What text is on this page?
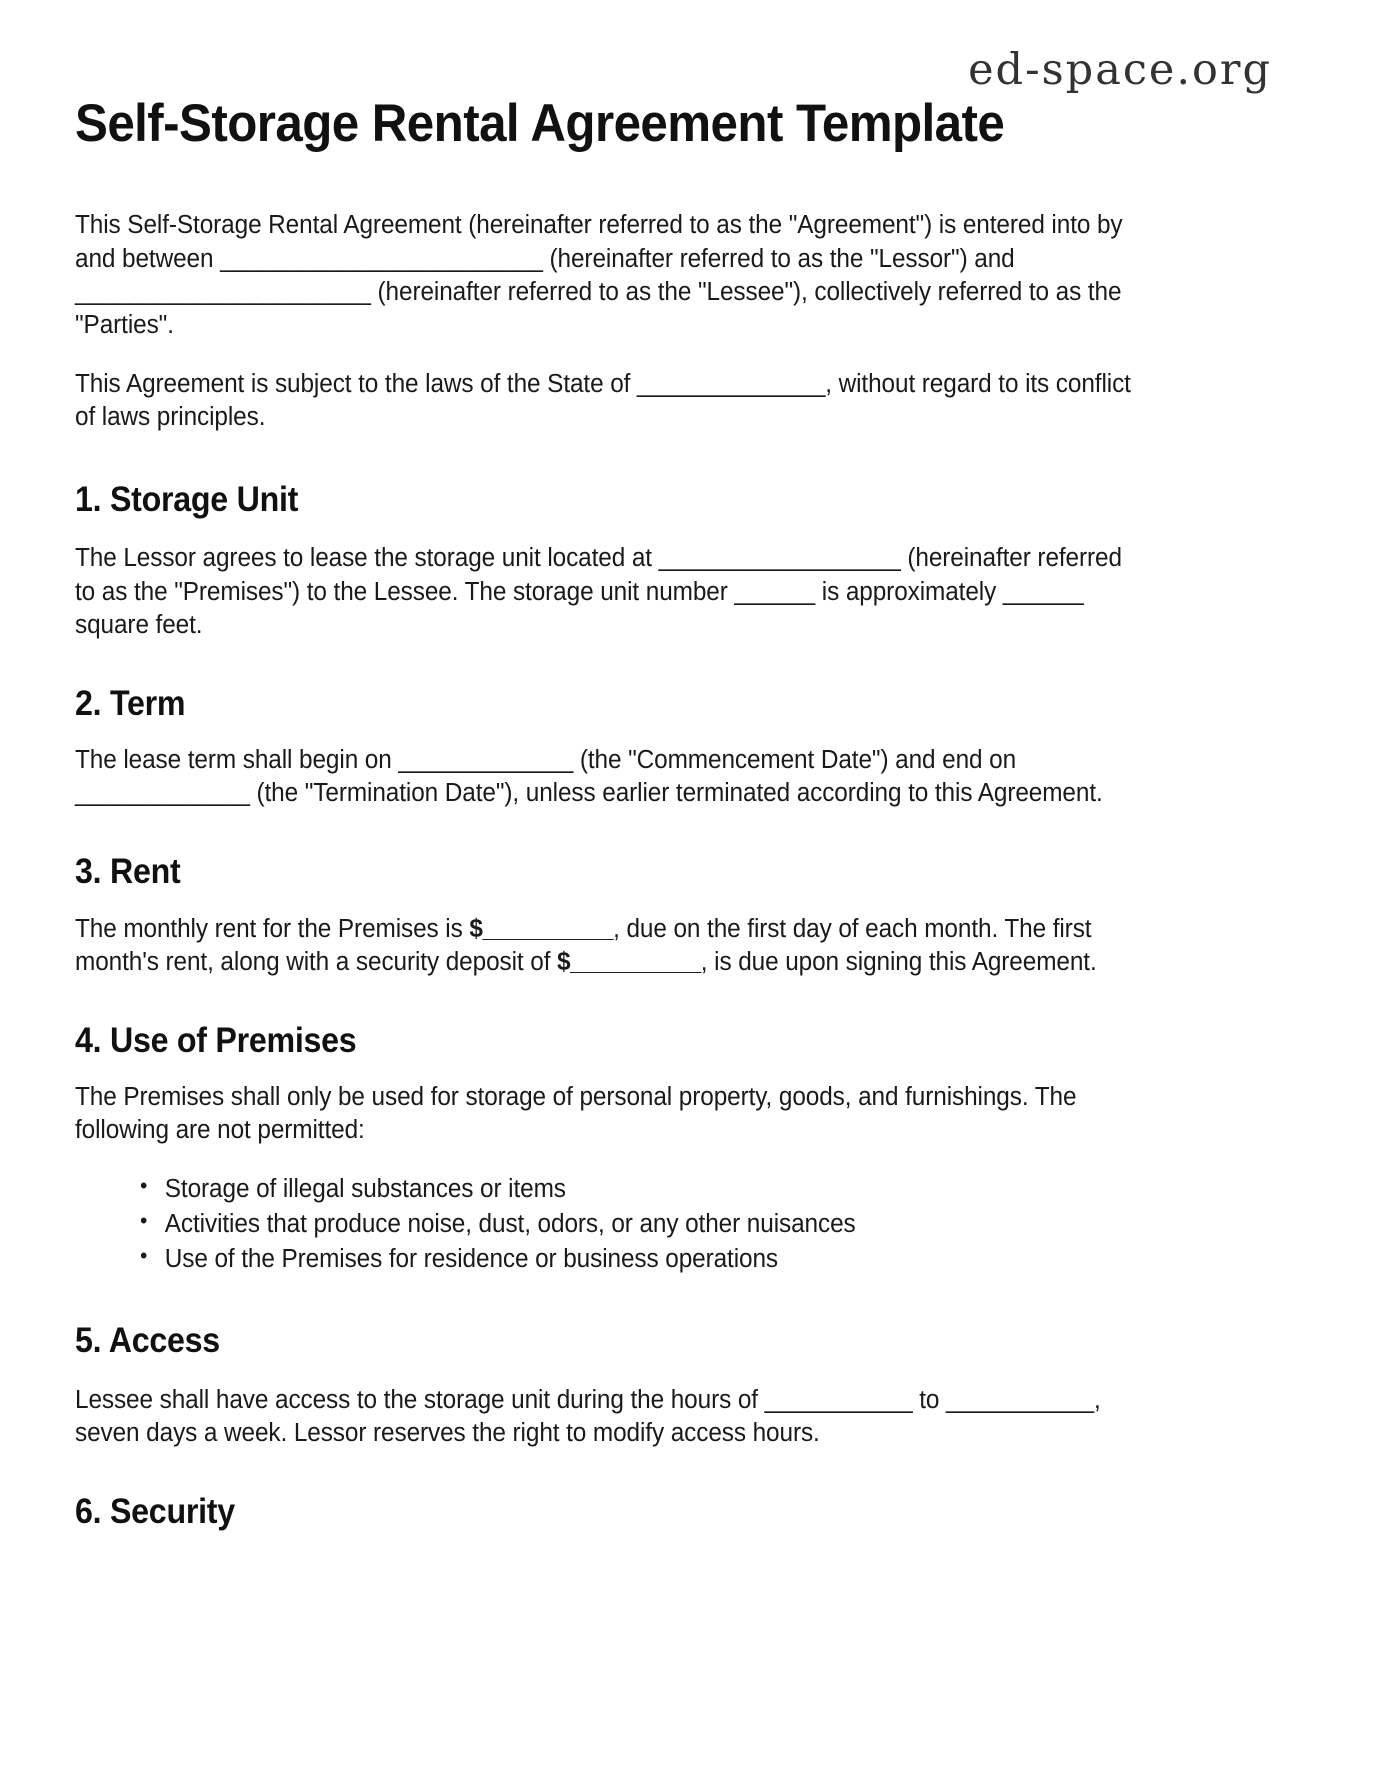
ed-space.org
Self-Storage Rental Agreement Template

This Self-Storage Rental Agreement (hereinafter referred to as the "Agreement") is entered into by and between ________________________ (hereinafter referred to as the "Lessor") and ______________________ (hereinafter referred to as the "Lessee"), collectively referred to as the "Parties".

This Agreement is subject to the laws of the State of ______________, without regard to its conflict of laws principles.

1. Storage Unit

The Lessor agrees to lease the storage unit located at __________________ (hereinafter referred to as the "Premises") to the Lessee. The storage unit number ______ is approximately ______ square feet.

2. Term

The lease term shall begin on _____________ (the "Commencement Date") and end on _____________ (the "Termination Date"), unless earlier terminated according to this Agreement.

3. Rent

The monthly rent for the Premises is $__________, due on the first day of each month. The first month's rent, along with a security deposit of $__________, is due upon signing this Agreement.

4. Use of Premises

The Premises shall only be used for storage of personal property, goods, and furnishings. The following are not permitted:

• Storage of illegal substances or items
• Activities that produce noise, dust, odors, or any other nuisances
• Use of the Premises for residence or business operations
5. Access

Lessee shall have access to the storage unit during the hours of ___________ to ___________, seven days a week. Lessor reserves the right to modify access hours.

6. Security
